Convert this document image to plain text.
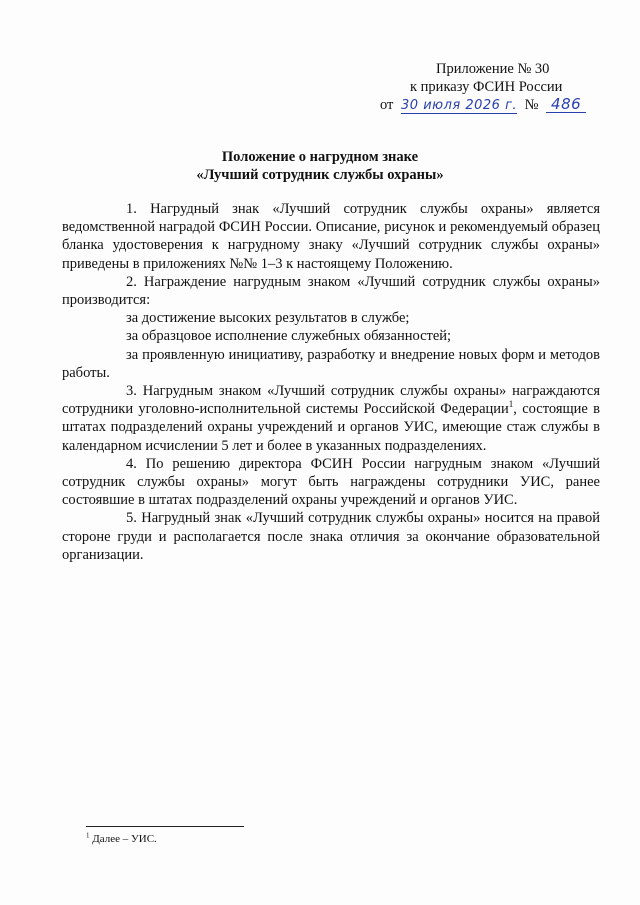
Приложение № 30
к приказу ФСИН России
от 30 июля 2026 г. № 486
Положение о нагрудном знаке
«Лучший сотрудник службы охраны»

1. Нагрудный знак «Лучший сотрудник службы охраны» является ведомственной наградой ФСИН России. Описание, рисунок и рекомендуемый образец бланка удостоверения к нагрудному знаку «Лучший сотрудник службы охраны» приведены в приложениях №№ 1–3 к настоящему Положению.

2. Награждение нагрудным знаком «Лучший сотрудник службы охраны» производится:

за достижение высоких результатов в службе;

за образцовое исполнение служебных обязанностей;

за проявленную инициативу, разработку и внедрение новых форм и методов работы.

3. Нагрудным знаком «Лучший сотрудник службы охраны» награждаются сотрудники уголовно-исполнительной системы Российской Федерации$^1$, состоящие в штатах подразделений охраны учреждений и органов УИС, имеющие стаж службы в календарном исчислении 5 лет и более в указанных подразделениях.

4. По решению директора ФСИН России нагрудным знаком «Лучший сотрудник службы охраны» могут быть награждены сотрудники УИС, ранее состоявшие в штатах подразделений охраны учреждений и органов УИС.

5. Нагрудный знак «Лучший сотрудник службы охраны» носится на правой стороне груди и располагается после знака отличия за окончание образовательной организации.

$^1$ Далее – УИС.
